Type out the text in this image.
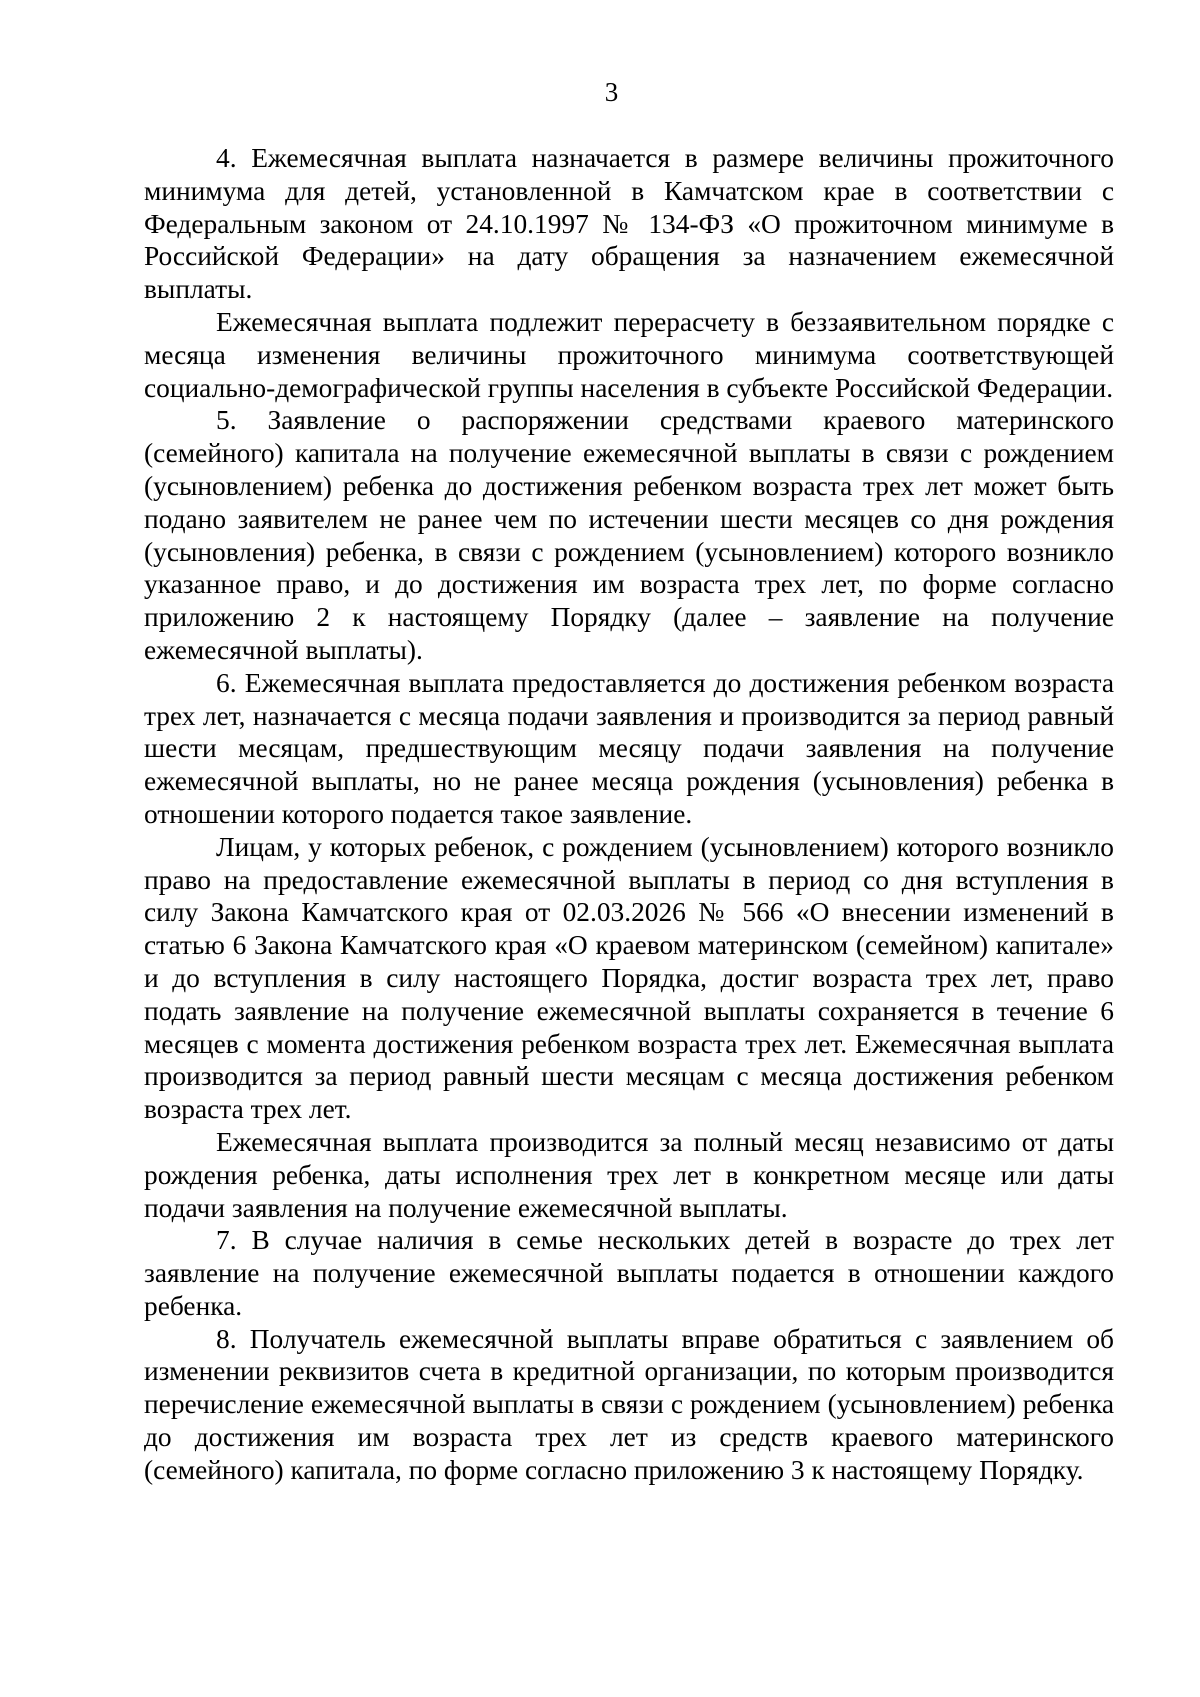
3

4. Ежемесячная выплата назначается в размере величины прожиточного минимума для детей, установленной в Камчатском крае в соответствии с Федеральным законом от 24.10.1997 № 134-ФЗ «О прожиточном минимуме в Российской Федерации» на дату обращения за назначением ежемесячной выплаты.

Ежемесячная выплата подлежит перерасчету в беззаявительном порядке с месяца изменения величины прожиточного минимума соответствующей социально-демографической группы населения в субъекте Российской Федерации.

5. Заявление о распоряжении средствами краевого материнского (семейного) капитала на получение ежемесячной выплаты в связи с рождением (усыновлением) ребенка до достижения ребенком возраста трех лет может быть подано заявителем не ранее чем по истечении шести месяцев со дня рождения (усыновления) ребенка, в связи с рождением (усыновлением) которого возникло указанное право, и до достижения им возраста трех лет, по форме согласно приложению 2 к настоящему Порядку (далее – заявление на получение ежемесячной выплаты).

6. Ежемесячная выплата предоставляется до достижения ребенком возраста трех лет, назначается с месяца подачи заявления и производится за период равный шести месяцам, предшествующим месяцу подачи заявления на получение ежемесячной выплаты, но не ранее месяца рождения (усыновления) ребенка в отношении которого подается такое заявление.

Лицам, у которых ребенок, с рождением (усыновлением) которого возникло право на предоставление ежемесячной выплаты в период со дня вступления в силу Закона Камчатского края от 02.03.2026 № 566 «О внесении изменений в статью 6 Закона Камчатского края «О краевом материнском (семейном) капитале» и до вступления в силу настоящего Порядка, достиг возраста трех лет, право подать заявление на получение ежемесячной выплаты сохраняется в течение 6 месяцев с момента достижения ребенком возраста трех лет. Ежемесячная выплата производится за период равный шести месяцам с месяца достижения ребенком возраста трех лет.

Ежемесячная выплата производится за полный месяц независимо от даты рождения ребенка, даты исполнения трех лет в конкретном месяце или даты подачи заявления на получение ежемесячной выплаты.

7. В случае наличия в семье нескольких детей в возрасте до трех лет заявление на получение ежемесячной выплаты подается в отношении каждого ребенка.

8. Получатель ежемесячной выплаты вправе обратиться с заявлением об изменении реквизитов счета в кредитной организации, по которым производится перечисление ежемесячной выплаты в связи с рождением (усыновлением) ребенка до достижения им возраста трех лет из средств краевого материнского (семейного) капитала, по форме согласно приложению 3 к настоящему Порядку.
